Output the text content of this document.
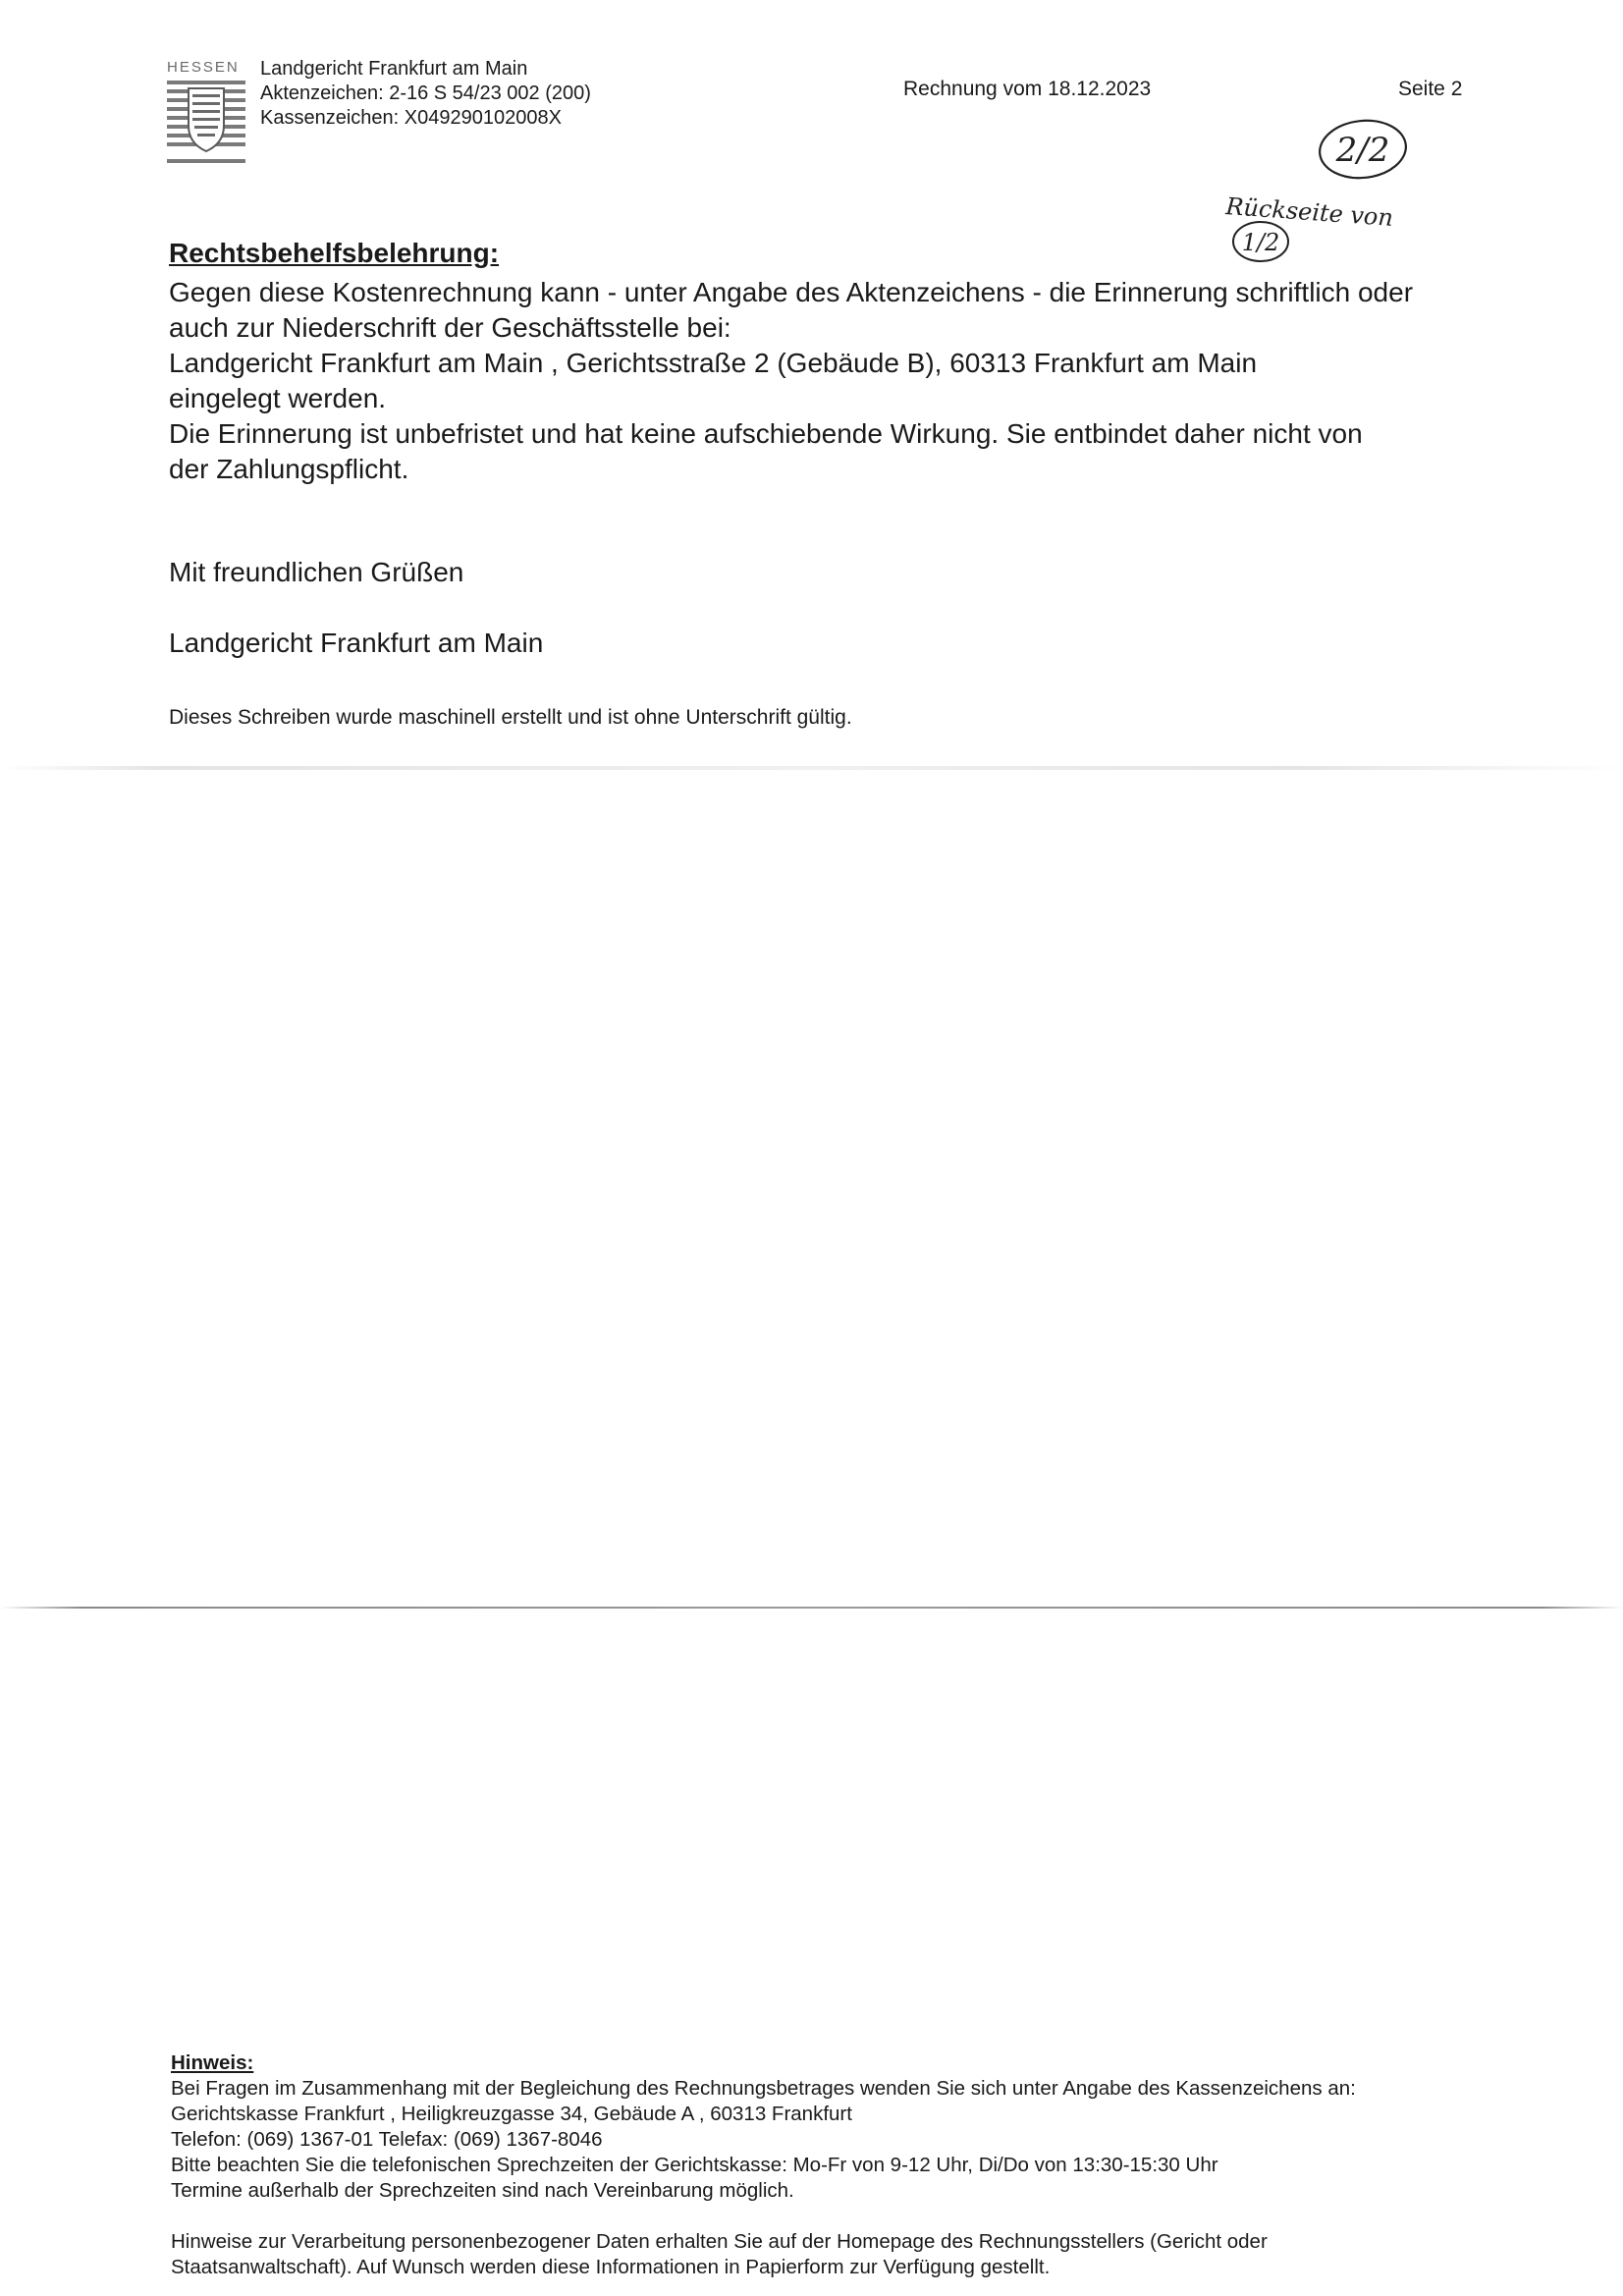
HESSEN	Landgericht Frankfurt am Main
Aktenzeichen: 2-16 S 54/23 002 (200)
Kassenzeichen: X049290102008X
Rechnung vom 18.12.2023	Seite 2
2/2
Rückseite von
1/2
Rechtsbehelfsbelehrung:
Gegen diese Kostenrechnung kann - unter Angabe des Aktenzeichens - die Erinnerung schriftlich oder
auch zur Niederschrift der Geschäftsstelle bei:
Landgericht Frankfurt am Main , Gerichtsstraße 2 (Gebäude B), 60313 Frankfurt am Main
eingelegt werden.
Die Erinnerung ist unbefristet und hat keine aufschiebende Wirkung. Sie entbindet daher nicht von
der Zahlungspflicht.
Mit freundlichen Grüßen
Landgericht Frankfurt am Main
Dieses Schreiben wurde maschinell erstellt und ist ohne Unterschrift gültig.
Hinweis:
Bei Fragen im Zusammenhang mit der Begleichung des Rechnungsbetrages wenden Sie sich unter Angabe des Kassenzeichens an:
Gerichtskasse Frankfurt , Heiligkreuzgasse 34, Gebäude A , 60313 Frankfurt
Telefon: (069) 1367-01 Telefax: (069) 1367-8046
Bitte beachten Sie die telefonischen Sprechzeiten der Gerichtskasse: Mo-Fr von 9-12 Uhr, Di/Do von 13:30-15:30 Uhr
Termine außerhalb der Sprechzeiten sind nach Vereinbarung möglich.
Hinweise zur Verarbeitung personenbezogener Daten erhalten Sie auf der Homepage des Rechnungsstellers (Gericht oder
Staatsanwaltschaft). Auf Wunsch werden diese Informationen in Papierform zur Verfügung gestellt.
